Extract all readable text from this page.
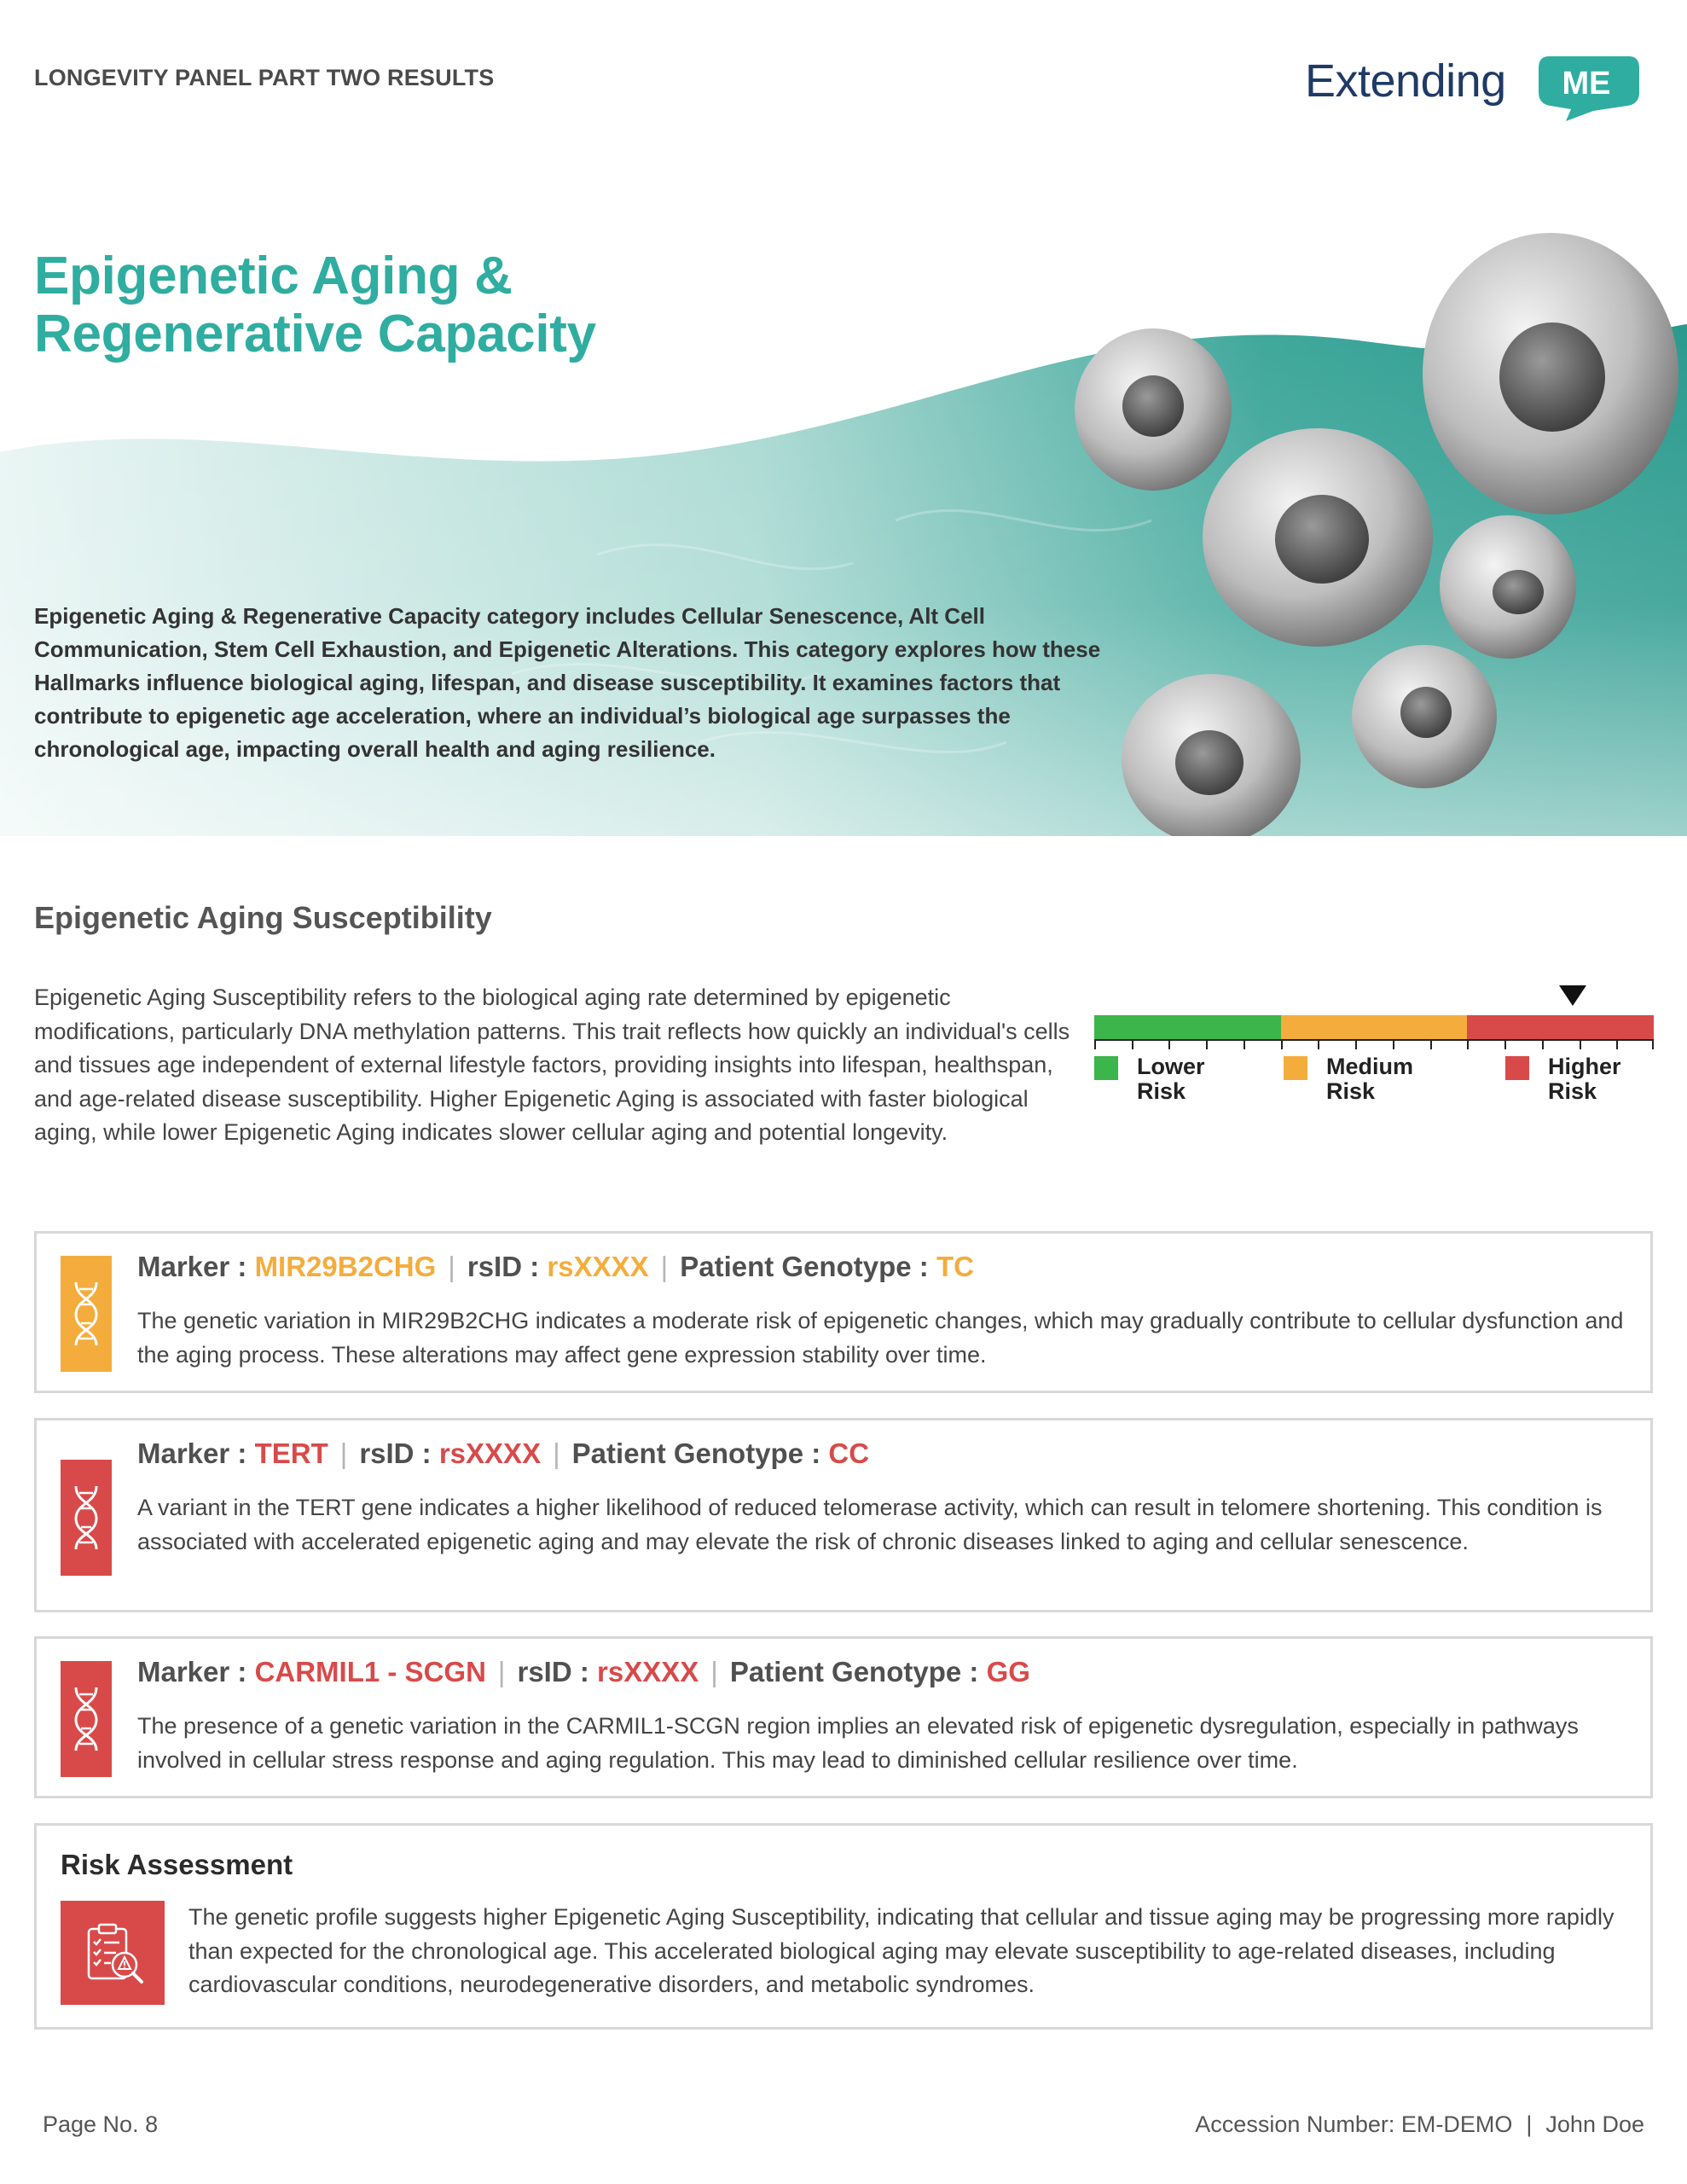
LONGEVITY PANEL PART TWO RESULTS	Extending ME
Epigenetic Aging &
Regenerative Capacity
Epigenetic Aging & Regenerative Capacity category includes Cellular Senescence, Alt Cell Communication, Stem Cell Exhaustion, and Epigenetic Alterations. This category explores how these Hallmarks influence biological aging, lifespan, and disease susceptibility. It examines factors that contribute to epigenetic age acceleration, where an individual’s biological age surpasses the chronological age, impacting overall health and aging resilience.
Epigenetic Aging Susceptibility
Epigenetic Aging Susceptibility refers to the biological aging rate determined by epigenetic modifications, particularly DNA methylation patterns. This trait reflects how quickly an individual's cells and tissues age independent of external lifestyle factors, providing insights into lifespan, healthspan, and age-related disease susceptibility. Higher Epigenetic Aging is associated with faster biological aging, while lower Epigenetic Aging indicates slower cellular aging and potential longevity.
Lower
Risk
Medium
Risk
Higher
Risk
Marker : MIR29B2CHG | rsID : rsXXXX | Patient Genotype : TC
The genetic variation in MIR29B2CHG indicates a moderate risk of epigenetic changes, which may gradually contribute to cellular dysfunction and the aging process. These alterations may affect gene expression stability over time.
Marker : TERT | rsID : rsXXXX | Patient Genotype : CC
A variant in the TERT gene indicates a higher likelihood of reduced telomerase activity, which can result in telomere shortening. This condition is associated with accelerated epigenetic aging and may elevate the risk of chronic diseases linked to aging and cellular senescence.
Marker : CARMIL1 - SCGN | rsID : rsXXXX | Patient Genotype : GG
The presence of a genetic variation in the CARMIL1-SCGN region implies an elevated risk of epigenetic dysregulation, especially in pathways involved in cellular stress response and aging regulation. This may lead to diminished cellular resilience over time.
Risk Assessment
The genetic profile suggests higher Epigenetic Aging Susceptibility, indicating that cellular and tissue aging may be progressing more rapidly than expected for the chronological age. This accelerated biological aging may elevate susceptibility to age-related diseases, including cardiovascular conditions, neurodegenerative disorders, and metabolic syndromes.
Page No. 8	Accession Number: EM-DEMO | John Doe
